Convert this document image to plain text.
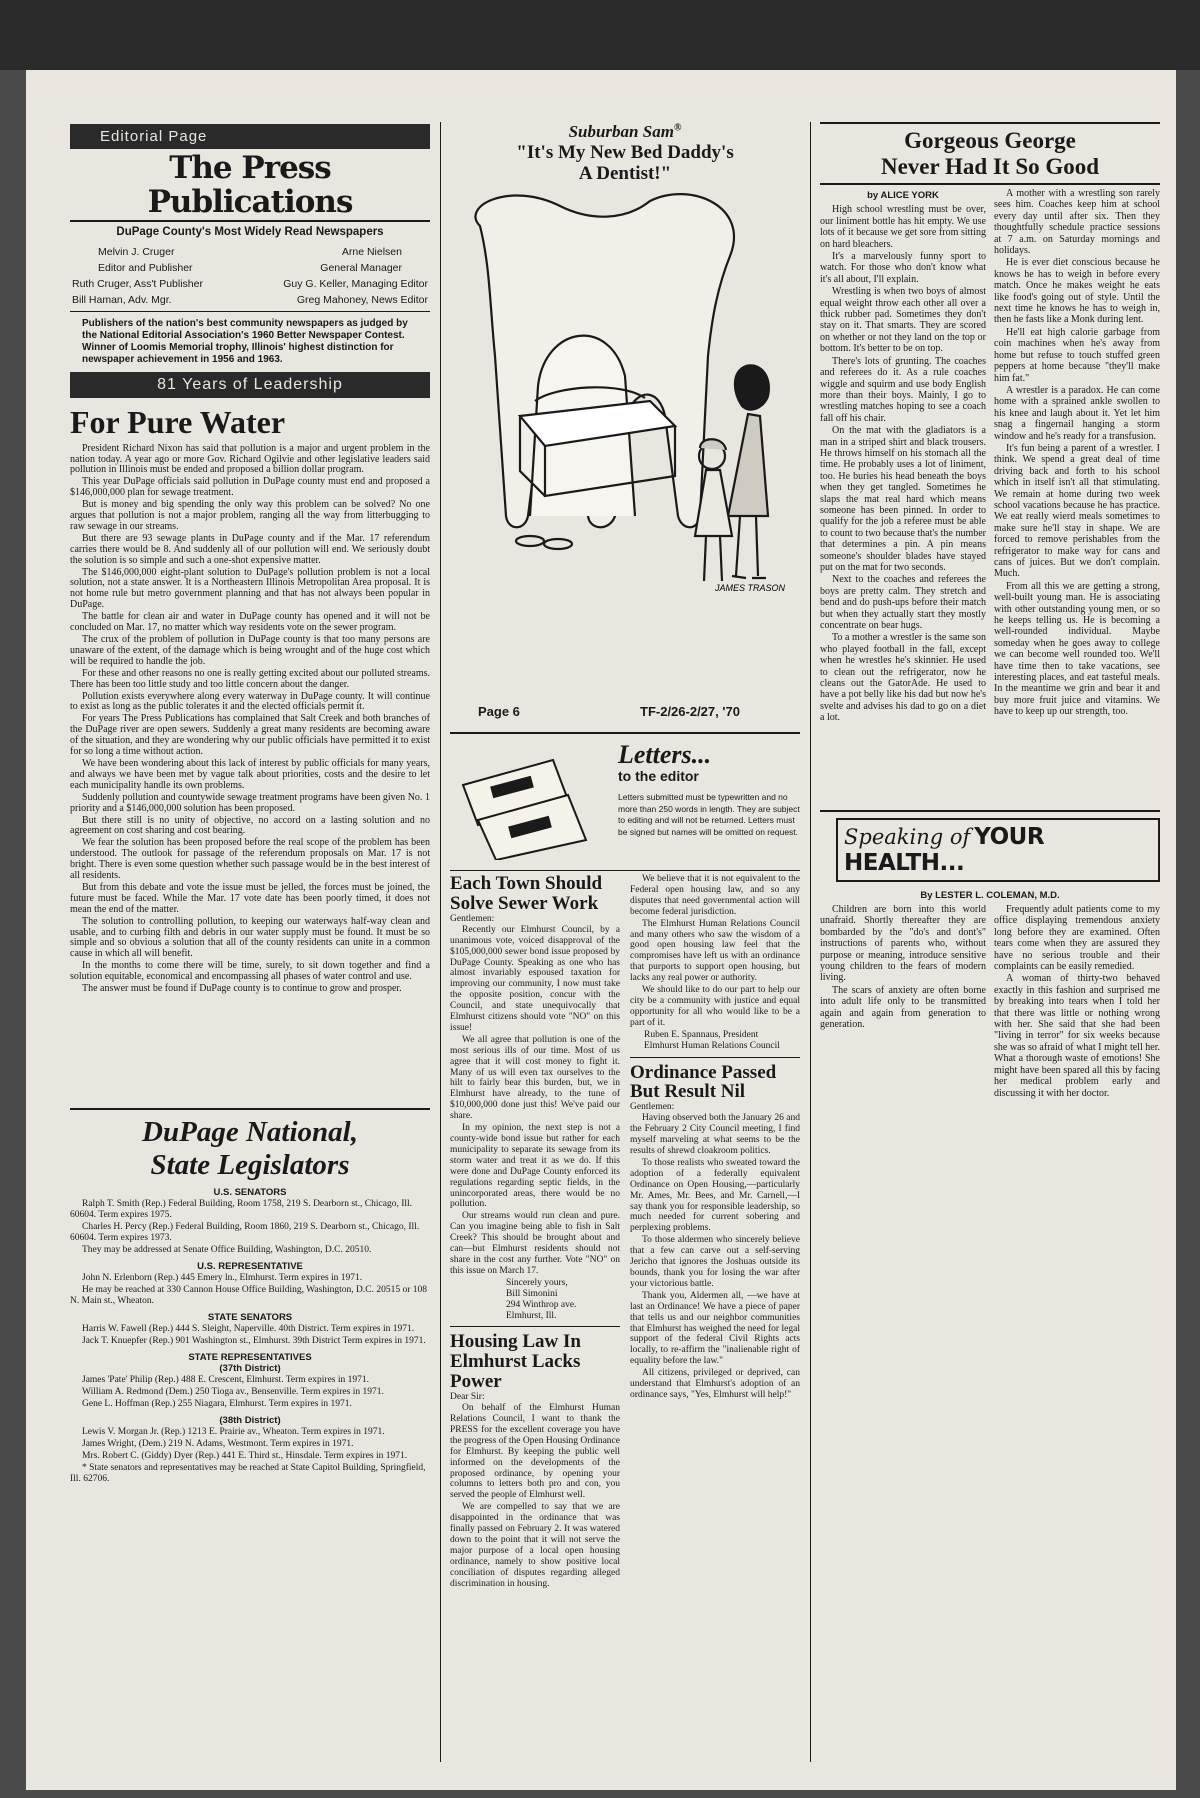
Editorial Page
The Press Publications
DuPage County's Most Widely Read Newspapers
Melvin J. Cruger	Arne Nielsen
Editor and Publisher	General Manager
Ruth Cruger, Ass't Publisher	Guy G. Keller, Managing Editor
Bill Haman, Adv. Mgr.	Greg Mahoney, News Editor
Publishers of the nation's best community newspapers as judged by the National Editorial Association's 1960 Better Newspaper Contest. Winner of Loomis Memorial trophy, Illinois' highest distinction for newspaper achievement in 1956 and 1963.
81 Years of Leadership
For Pure Water

President Richard Nixon has said that pollution is a major and urgent problem in the nation today. A year ago or more Gov. Richard Ogilvie and other legislative leaders said pollution in Illinois must be ended and proposed a billion dollar program.

This year DuPage officials said pollution in DuPage county must end and proposed a $146,000,000 plan for sewage treatment.

But is money and big spending the only way this problem can be solved? No one argues that pollution is not a major problem, ranging all the way from litterbugging to raw sewage in our streams.

But there are 93 sewage plants in DuPage county and if the Mar. 17 referendum carries there would be 8. And suddenly all of our pollution will end. We seriously doubt the solution is so simple and such a one-shot expensive matter.

The $146,000,000 eight-plant solution to DuPage's pollution problem is not a local solution, not a state answer. It is a Northeastern Illinois Metropolitan Area proposal. It is not home rule but metro government planning and that has not always been popular in DuPage.

The battle for clean air and water in DuPage county has opened and it will not be concluded on Mar. 17, no matter which way residents vote on the sewer program.

The crux of the problem of pollution in DuPage county is that too many persons are unaware of the extent, of the damage which is being wrought and of the huge cost which will be required to handle the job.

For these and other reasons no one is really getting excited about our polluted streams. There has been too little study and too little concern about the danger.

Pollution exists everywhere along every waterway in DuPage county. It will continue to exist as long as the public tolerates it and the elected officials permit it.

For years The Press Publications has complained that Salt Creek and both branches of the DuPage river are open sewers. Suddenly a great many residents are becoming aware of the situation, and they are wondering why our public officials have permitted it to exist for so long a time without action.

We have been wondering about this lack of interest by public officials for many years, and always we have been met by vague talk about priorities, costs and the desire to let each municipality handle its own problems.

Suddenly pollution and countywide sewage treatment programs have been given No. 1 priority and a $146,000,000 solution has been proposed.

But there still is no unity of objective, no accord on a lasting solution and no agreement on cost sharing and cost bearing.

We fear the solution has been proposed before the real scope of the problem has been understood. The outlook for passage of the referendum proposals on Mar. 17 is not bright. There is even some question whether such passage would be in the best interest of all residents.

But from this debate and vote the issue must be jelled, the forces must be joined, the future must be faced. While the Mar. 17 vote date has been poorly timed, it does not mean the end of the matter.

The solution to controlling pollution, to keeping our waterways half-way clean and usable, and to curbing filth and debris in our water supply must be found. It must be so simple and so obvious a solution that all of the county residents can unite in a common cause in which all will benefit.

In the months to come there will be time, surely, to sit down together and find a solution equitable, economical and encompassing all phases of water control and use.

The answer must be found if DuPage county is to continue to grow and prosper.

DuPage National,
State Legislators
U.S. SENATORS

Ralph T. Smith (Rep.) Federal Building, Room 1758, 219 S. Dearborn st., Chicago, Ill. 60604. Term expires 1975.

Charles H. Percy (Rep.) Federal Building, Room 1860, 219 S. Dearborn st., Chicago, Ill. 60604. Term expires 1973.

They may be addressed at Senate Office Building, Washington, D.C. 20510.

U.S. REPRESENTATIVE

John N. Erlenborn (Rep.) 445 Emery ln., Elmhurst. Term expires in 1971.

He may be reached at 330 Cannon House Office Building, Washington, D.C. 20515 or 108 N. Main st., Wheaton.

STATE SENATORS

Harris W. Fawell (Rep.) 444 S. Sleight, Naperville. 40th District. Term expires in 1971.

Jack T. Knuepfer (Rep.) 901 Washington st., Elmhurst. 39th District Term expires in 1971.

STATE REPRESENTATIVES
(37th District)

James 'Pate' Philip (Rep.) 488 E. Crescent, Elmhurst. Term expires in 1971.

William A. Redmond (Dem.) 250 Tioga av., Bensenville. Term expires in 1971.

Gene L. Hoffman (Rep.) 255 Niagara, Elmhurst. Term expires in 1971.

(38th District)

Lewis V. Morgan Jr. (Rep.) 1213 E. Prairie av., Wheaton. Term expires in 1971.

James Wright, (Dem.) 219 N. Adams, Westmont. Term expires in 1971.

Mrs. Robert C. (Giddy) Dyer (Rep.) 441 E. Third st., Hinsdale. Term expires in 1971.

* State senators and representatives may be reached at State Capitol Building, Springfield, Ill. 62706.

Suburban Sam®
"It's My New Bed Daddy's
A Dentist!"
JAMES TRASON
Page 6	TF-2/26-2/27, '70
Letters...
to the editor
Letters submitted must be typewritten and no more than 250 words in length. They are subject to editing and will not be returned. Letters must be signed but names will be omitted on request.
Each Town Should Solve Sewer Work
Gentlemen:

Recently our Elmhurst Council, by a unanimous vote, voiced disapproval of the $105,000,000 sewer bond issue proposed by DuPage County. Speaking as one who has almost invariably espoused taxation for improving our community, I now must take the opposite position, concur with the Council, and state unequivocally that Elmhurst citizens should vote "NO" on this issue!

We all agree that pollution is one of the most serious ills of our time. Most of us agree that it will cost money to fight it. Many of us will even tax ourselves to the hilt to fairly bear this burden, but, we in Elmhurst have already, to the tune of $10,000,000 done just this! We've paid our share.

In my opinion, the next step is not a county-wide bond issue but rather for each municipality to separate its sewage from its storm water and treat it as we do. If this were done and DuPage County enforced its regulations regarding septic fields, in the unincorporated areas, there would be no pollution.

Our streams would run clean and pure. Can you imagine being able to fish in Salt Creek? This should be brought about and can—but Elmhurst residents should not share in the cost any further. Vote "NO" on this issue on March 17.

Sincerely yours,
Bill Simonini
294 Winthrop ave.
Elmhurst, Ill.
Housing Law In Elmhurst Lacks Power
Dear Sir:

On behalf of the Elmhurst Human Relations Council, I want to thank the PRESS for the excellent coverage you have the progress of the Open Housing Ordinance for Elmhurst. By keeping the public well informed on the developments of the proposed ordinance, by opening your columns to letters both pro and con, you served the people of Elmhurst well.

We are compelled to say that we are disappointed in the ordinance that was finally passed on February 2. It was watered down to the point that it will not serve the major purpose of a local open housing ordinance, namely to show positive local conciliation of disputes regarding alleged discrimination in housing.

We believe that it is not equivalent to the Federal open housing law, and so any disputes that need governmental action will become federal jurisdiction.

The Elmhurst Human Relations Council and many others who saw the wisdom of a good open housing law feel that the compromises have left us with an ordinance that purports to support open housing, but lacks any real power or authority.

We should like to do our part to help our city be a community with justice and equal opportunity for all who would like to be a part of it.

Ruben E. Spannaus, President
Elmhurst Human Relations Council
Ordinance Passed But Result Nil
Gentlemen:

Having observed both the January 26 and the February 2 City Council meeting, I find myself marveling at what seems to be the results of shrewd cloakroom politics.

To those realists who sweated toward the adoption of a federally equivalent Ordinance on Open Housing,—particularly Mr. Ames, Mr. Bees, and Mr. Carnell,—I say thank you for responsible leadership, so much needed for current sobering and perplexing problems.

To those aldermen who sincerely believe that a few can carve out a self-serving Jericho that ignores the Joshuas outside its bounds, thank you for losing the war after your victorious battle.

Thank you, Aldermen all, —we have at last an Ordinance! We have a piece of paper that tells us and our neighbor communities that Elmhurst has weighed the need for legal support of the federal Civil Rights acts locally, to re-affirm the "inalienable right of equality before the law."

All citizens, privileged or deprived, can understand that Elmhurst's adoption of an ordinance says, "Yes, Elmhurst will help!"

Gorgeous George
Never Had It So Good
by ALICE YORK

High school wrestling must be over, our liniment bottle has hit empty. We use lots of it because we get sore from sitting on hard bleachers.

It's a marvelously funny sport to watch. For those who don't know what it's all about, I'll explain.

Wrestling is when two boys of almost equal weight throw each other all over a thick rubber pad. Sometimes they don't stay on it. That smarts. They are scored on whether or not they land on the top or bottom. It's better to be on top.

There's lots of grunting. The coaches and referees do it. As a rule coaches wiggle and squirm and use body English more than their boys. Mainly, I go to wrestling matches hoping to see a coach fall off his chair.

On the mat with the gladiators is a man in a striped shirt and black trousers. He throws himself on his stomach all the time. He probably uses a lot of liniment, too. He buries his head beneath the boys when they get tangled. Sometimes he slaps the mat real hard which means someone has been pinned. In order to qualify for the job a referee must be able to count to two because that's the number that determines a pin. A pin means someone's shoulder blades have stayed put on the mat for two seconds.

Next to the coaches and referees the boys are pretty calm. They stretch and bend and do push-ups before their match but when they actually start they mostly concentrate on bear hugs.

To a mother a wrestler is the same son who played football in the fall, except when he wrestles he's skinnier. He used to clean out the refrigerator, now he cleans out the GatorAde. He used to have a pot belly like his dad but now he's svelte and advises his dad to go on a diet a lot.

A mother with a wrestling son rarely sees him. Coaches keep him at school every day until after six. Then they thoughtfully schedule practice sessions at 7 a.m. on Saturday mornings and holidays.

He is ever diet conscious because he knows he has to weigh in before every match. Once he makes weight he eats like food's going out of style. Until the next time he knows he has to weigh in, then he fasts like a Monk during lent.

He'll eat high calorie garbage from coin machines when he's away from home but refuse to touch stuffed green peppers at home because "they'll make him fat."

A wrestler is a paradox. He can come home with a sprained ankle swollen to his knee and laugh about it. Yet let him snag a fingernail hanging a storm window and he's ready for a transfusion.

It's fun being a parent of a wrestler. I think. We spend a great deal of time driving back and forth to his school which in itself isn't all that stimulating. We remain at home during two week school vacations because he has practice. We eat really wierd meals sometimes to make sure he'll stay in shape. We are forced to remove perishables from the refrigerator to make way for cans and cans of juices. But we don't complain. Much.

From all this we are getting a strong, well-built young man. He is associating with other outstanding young men, or so he keeps telling us. He is becoming a well-rounded individual. Maybe someday when he goes away to college we can become well rounded too. We'll have time then to take vacations, see interesting places, and eat tasteful meals. In the meantime we grin and bear it and buy more fruit juice and vitamins. We have to keep up our strength, too.

Speaking of YOUR HEALTH...
By LESTER L. COLEMAN, M.D.

Children are born into this world unafraid. Shortly thereafter they are bombarded by the "do's and dont's" instructions of parents who, without purpose or meaning, introduce sensitive young children to the fears of modern living.

The scars of anxiety are often borne into adult life only to be transmitted again and again from generation to generation.

Frequently adult patients come to my office displaying tremendous anxiety long before they are examined. Often tears come when they are assured they have no serious trouble and their complaints can be easily remedied.

A woman of thirty-two behaved exactly in this fashion and surprised me by breaking into tears when I told her that there was little or nothing wrong with her. She said that she had been "living in terror" for six weeks because she was so afraid of what I might tell her. What a thorough waste of emotions! She might have been spared all this by facing her medical problem early and discussing it with her doctor.
